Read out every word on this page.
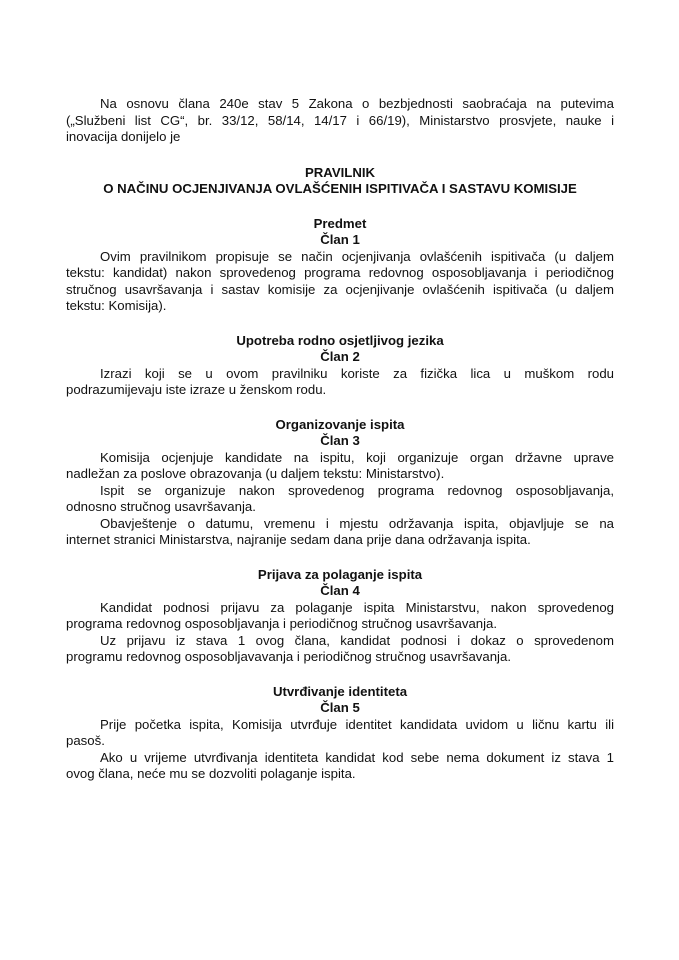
Na osnovu člana 240e stav 5 Zakona o bezbjednosti saobraćaja na putevima
(„Službeni list CG“, br. 33/12, 58/14, 14/17 i 66/19), Ministarstvo prosvjete, nauke i
inovacija donijelo je
PRAVILNIK
O NAČINU OCJENJIVANJA OVLAŠĆENIH ISPITIVAČA I SASTAVU KOMISIJE
Predmet
Član 1
Ovim pravilnikom propisuje se način ocjenjivanja ovlašćenih ispitivača (u daljem
tekstu: kandidat) nakon sprovedenog programa redovnog osposobljavanja i periodičnog
stručnog usavršavanja i sastav komisije za ocjenjivanje ovlašćenih ispitivača (u daljem
tekstu: Komisija).
Upotreba rodno osjetljivog jezika
Član 2
Izrazi koji se u ovom pravilniku koriste za fizička lica u muškom rodu
podrazumijevaju iste izraze u ženskom rodu.
Organizovanje ispita
Član 3
Komisija ocjenjuje kandidate na ispitu, koji organizuje organ državne uprave
nadležan za poslove obrazovanja (u daljem tekstu: Ministarstvo).
Ispit se organizuje nakon sprovedenog programa redovnog osposobljavanja,
odnosno stručnog usavršavanja.
Obavještenje o datumu, vremenu i mjestu održavanja ispita, objavljuje se na
internet stranici Ministarstva, najranije sedam dana prije dana održavanja ispita.
Prijava za polaganje ispita
Član 4
Kandidat podnosi prijavu za polaganje ispita Ministarstvu, nakon sprovedenog
programa redovnog osposobljavanja i periodičnog stručnog usavršavanja.
Uz prijavu iz stava 1 ovog člana, kandidat podnosi i dokaz o sprovedenom
programu redovnog osposobljavavanja i periodičnog stručnog usavršavanja.
Utvrđivanje identiteta
Član 5
Prije početka ispita, Komisija utvrđuje identitet kandidata uvidom u ličnu kartu ili
pasoš.
Ako u vrijeme utvrđivanja identiteta kandidat kod sebe nema dokument iz stava 1
ovog člana, neće mu se dozvoliti polaganje ispita.
